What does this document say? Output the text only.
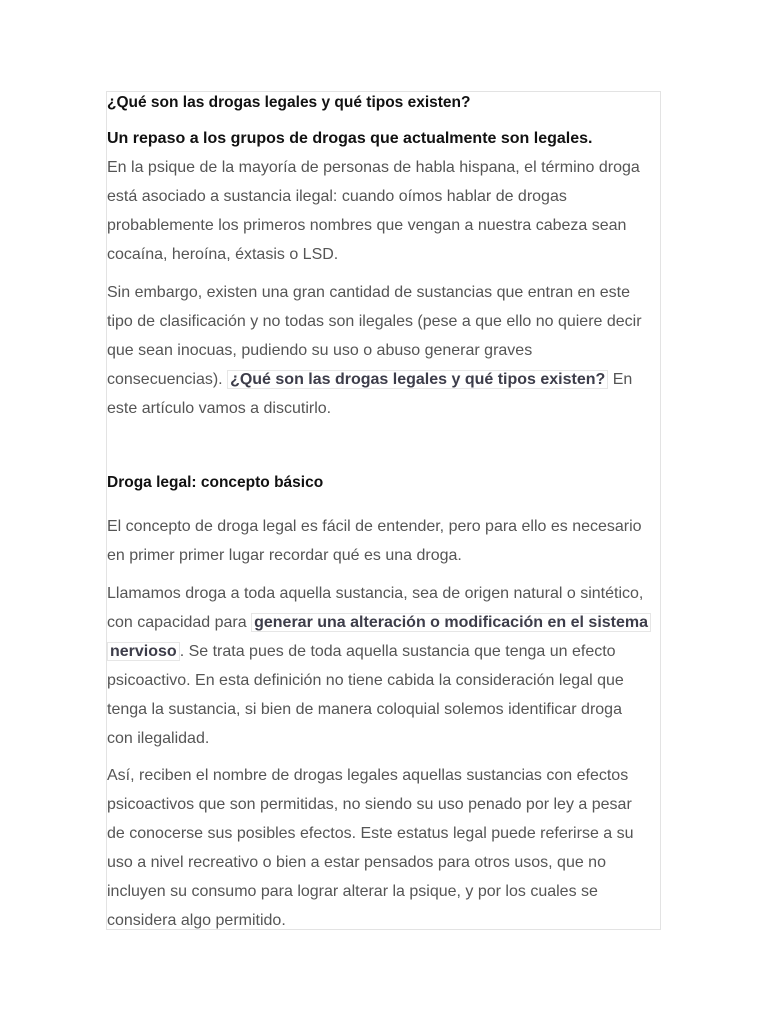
¿Qué son las drogas legales y qué tipos existen?
Un repaso a los grupos de drogas que actualmente son legales.
En la psique de la mayoría de personas de habla hispana, el término droga
está asociado a sustancia ilegal: cuando oímos hablar de drogas
probablemente los primeros nombres que vengan a nuestra cabeza sean
cocaína, heroína, éxtasis o LSD.
Sin embargo, existen una gran cantidad de sustancias que entran en este
tipo de clasificación y no todas son ilegales (pese a que ello no quiere decir
que sean inocuas, pudiendo su uso o abuso generar graves
consecuencias). ¿Qué son las drogas legales y qué tipos existen? En
este artículo vamos a discutirlo.
Droga legal: concepto básico
El concepto de droga legal es fácil de entender, pero para ello es necesario
en primer primer lugar recordar qué es una droga.
Llamamos droga a toda aquella sustancia, sea de origen natural o sintético,
con capacidad para generar una alteración o modificación en el sistema
nervioso . Se trata pues de toda aquella sustancia que tenga un efecto
psicoactivo. En esta definición no tiene cabida la consideración legal que
tenga la sustancia, si bien de manera coloquial solemos identificar droga
con ilegalidad.
Así, reciben el nombre de drogas legales aquellas sustancias con efectos
psicoactivos que son permitidas, no siendo su uso penado por ley a pesar
de conocerse sus posibles efectos. Este estatus legal puede referirse a su
uso a nivel recreativo o bien a estar pensados para otros usos, que no
incluyen su consumo para lograr alterar la psique, y por los cuales se
considera algo permitido.
